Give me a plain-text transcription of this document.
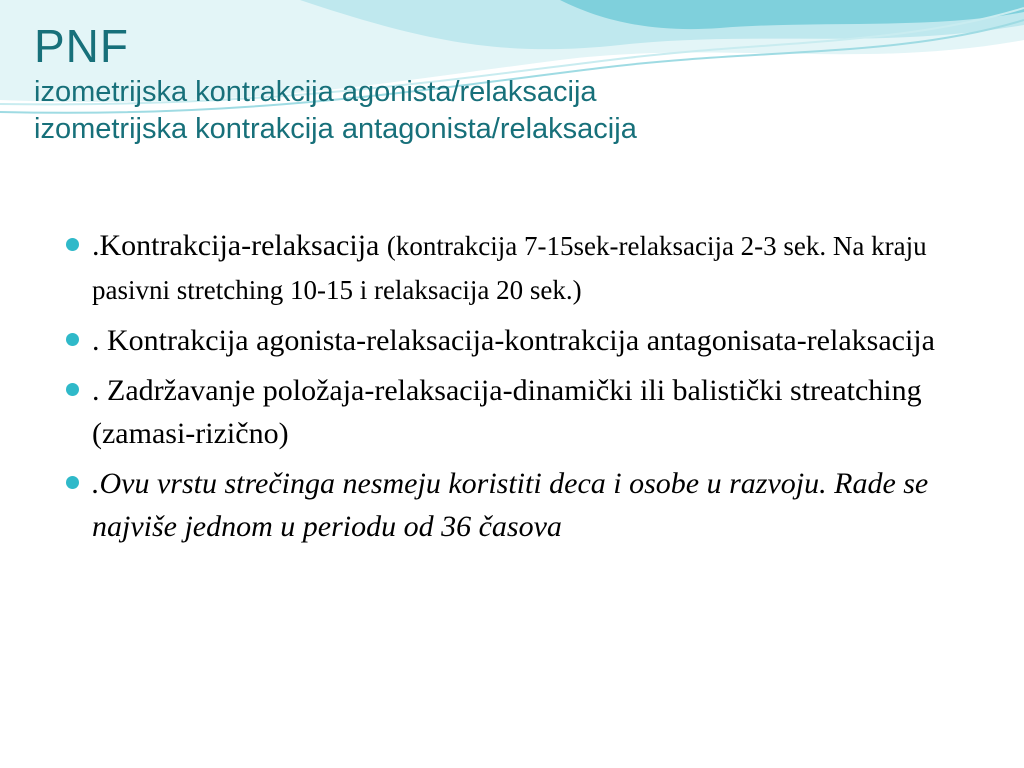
PNF

izometrijska kontrakcija agonista/relaksacija

izometrijska kontrakcija antagonista/relaksacija

.Kontrakcija-relaksacija (kontrakcija 7-15sek-relaksacija 2-3 sek. Na kraju pasivni stretching 10-15 i relaksacija 20 sek.)
. Kontrakcija agonista-relaksacija-kontrakcija antagonisata-relaksacija
. Zadržavanje položaja-relaksacija-dinamički ili balistički streatching (zamasi-rizično)
.Ovu vrstu strečinga nesmeju koristiti deca i osobe u razvoju. Rade se najviše jednom u periodu od 36 časova
